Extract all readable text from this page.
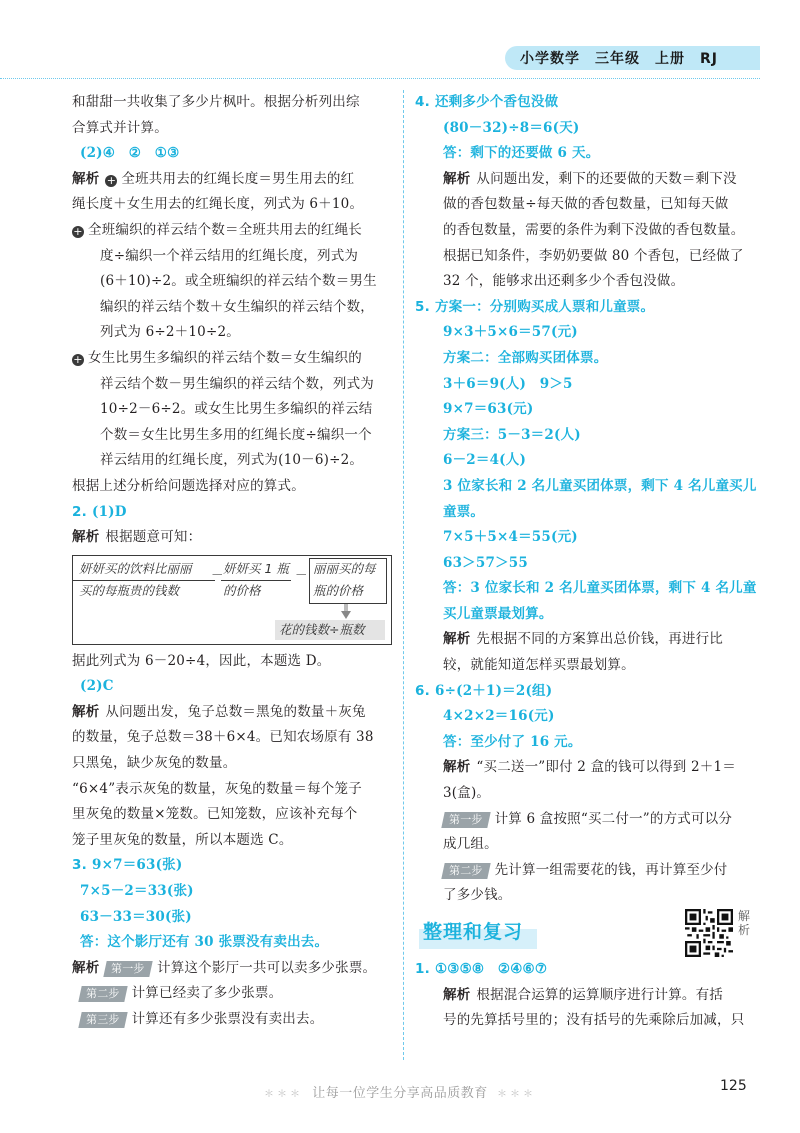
小学数学　三年级　上册　RJ
和甜甜一共收集了多少片枫叶。根据分析列出综
合算式并计算。
(2)④　②　①③
解析 + 全班共用去的红绳长度＝男生用去的红
绳长度＋女生用去的红绳长度，列式为 6＋10。
+ 全班编织的祥云结个数＝全班共用去的红绳长
度÷编织一个祥云结用的红绳长度，列式为
(6＋10)÷2。或全班编织的祥云结个数＝男生
编织的祥云结个数＋女生编织的祥云结个数，
列式为 6÷2＋10÷2。
+ 女生比男生多编织的祥云结个数＝女生编织的
祥云结个数－男生编织的祥云结个数，列式为
10÷2－6÷2。或女生比男生多编织的祥云结
个数＝女生比男生多用的红绳长度÷编织一个
祥云结用的红绳长度，列式为(10－6)÷2。
根据上述分析给问题选择对应的算式。
2. (1)D
解析 根据题意可知：
妍妍买的饮料比丽丽
买的每瓶贵的钱数
－ 妍妍买 1 瓶
的价格
－ 丽丽买的每
瓶的价格
花的钱数÷瓶数
据此列式为 6－20÷4，因此，本题选 D。
(2)C
解析 从问题出发，兔子总数＝黑兔的数量＋灰兔
的数量，兔子总数＝38＋6×4。已知农场原有 38
只黑兔，缺少灰兔的数量。
“6×4”表示灰兔的数量，灰兔的数量＝每个笼子
里灰兔的数量×笼数。已知笼数，应该补充每个
笼子里灰兔的数量，所以本题选 C。
3. 9×7＝63(张)
7×5－2＝33(张)
63－33＝30(张)
答：这个影厅还有 30 张票没有卖出去。
解析 第一步 计算这个影厅一共可以卖多少张票。
第二步 计算已经卖了多少张票。
第三步 计算还有多少张票没有卖出去。
4. 还剩多少个香包没做
(80－32)÷8＝6(天)
答：剩下的还要做 6 天。
解析 从问题出发，剩下的还要做的天数＝剩下没
做的香包数量÷每天做的香包数量，已知每天做
的香包数量，需要的条件为剩下没做的香包数量。
根据已知条件，李奶奶要做 80 个香包，已经做了
32 个，能够求出还剩多少个香包没做。
5. 方案一：分别购买成人票和儿童票。
9×3＋5×6＝57(元)
方案二：全部购买团体票。
3＋6＝9(人)　9＞5
9×7＝63(元)
方案三：5－3＝2(人)
6－2＝4(人)
3 位家长和 2 名儿童买团体票，剩下 4 名儿童买儿
童票。
7×5＋5×4＝55(元)
63＞57＞55
答：3 位家长和 2 名儿童买团体票，剩下 4 名儿童
买儿童票最划算。
解析 先根据不同的方案算出总价钱，再进行比
较，就能知道怎样买票最划算。
6. 6÷(2＋1)＝2(组)
4×2×2＝16(元)
答：至少付了 16 元。
解析 “买二送一”即付 2 盒的钱可以得到 2＋1＝
3(盒)。
第一步 计算 6 盒按照“买二付一”的方式可以分
成几组。
第二步 先计算一组需要花的钱，再计算至少付
了多少钱。
整理和复习
解析
1. ①③⑤⑧　②④⑥⑦
解析 根据混合运算的运算顺序进行计算。有括
号的先算括号里的；没有括号的先乘除后加减，只
＊＊＊ 让每一位学生分享高品质教育 ＊＊＊
125
